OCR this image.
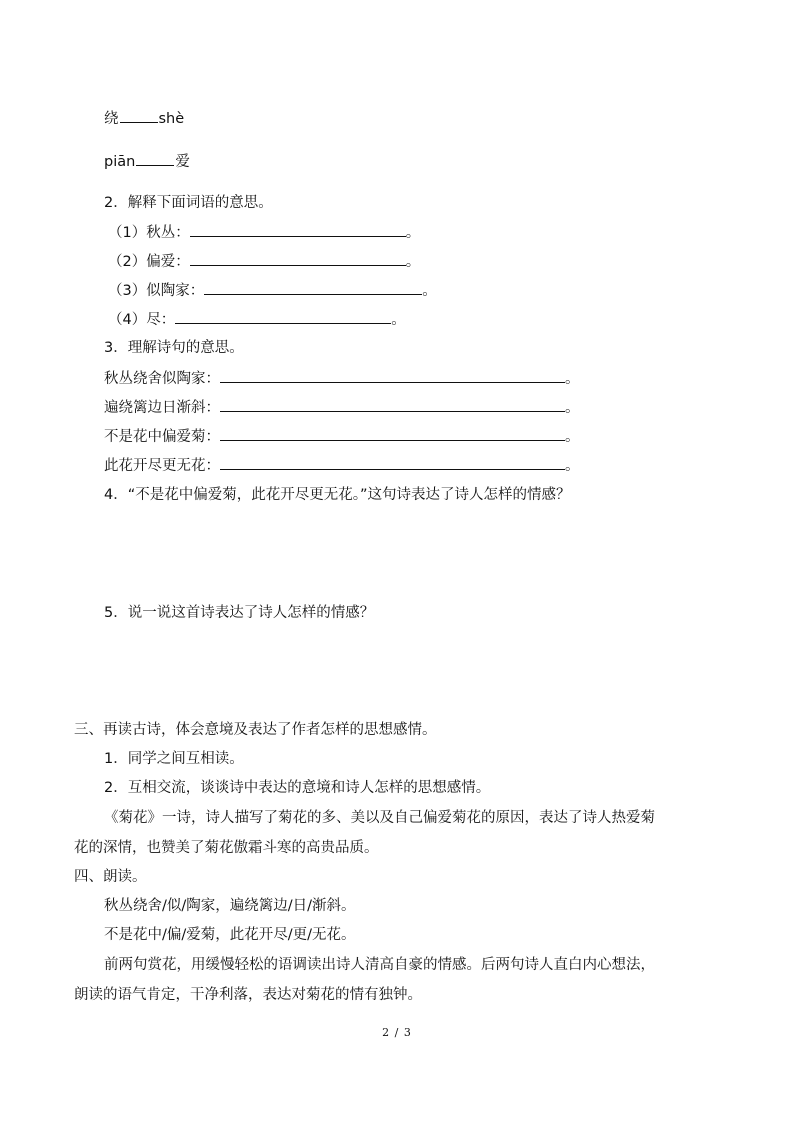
绕	shè
piān	爱
2．解释下面词语的意思。
（1）秋丛：	。
（2）偏爱：	。
（3）似陶家：	。
（4）尽：	。
3．理解诗句的意思。
秋丛绕舍似陶家：	。
遍绕篱边日渐斜：	。
不是花中偏爱菊：	。
此花开尽更无花：	。
4．“不是花中偏爱菊，此花开尽更无花。”这句诗表达了诗人怎样的情感？
5．说一说这首诗表达了诗人怎样的情感？
三、再读古诗，体会意境及表达了作者怎样的思想感情。
1．同学之间互相读。
2．互相交流，谈谈诗中表达的意境和诗人怎样的思想感情。
《菊花》一诗，诗人描写了菊花的多、美以及自己偏爱菊花的原因，表达了诗人热爱菊
花的深情，也赞美了菊花傲霜斗寒的高贵品质。
四、朗读。
秋丛绕舍/似/陶家，遍绕篱边/日/渐斜。
不是花中/偏/爱菊，此花开尽/更/无花。
前两句赏花，用缓慢轻松的语调读出诗人清高自豪的情感。后两句诗人直白内心想法，
朗读的语气肯定，干净利落，表达对菊花的情有独钟。
2 / 3
